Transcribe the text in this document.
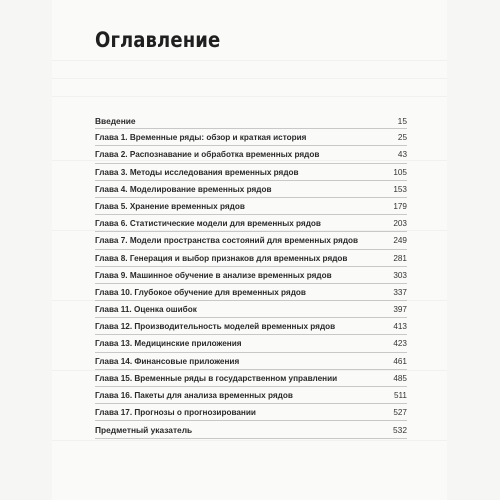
Оглавление
Введение	15
Глава 1. Временные ряды: обзор и краткая история	25
Глава 2. Распознавание и обработка временных рядов	43
Глава 3. Методы исследования временных рядов	105
Глава 4. Моделирование временных рядов	153
Глава 5. Хранение временных рядов	179
Глава 6. Статистические модели для временных рядов	203
Глава 7. Модели пространства состояний для временных рядов	249
Глава 8. Генерация и выбор признаков для временных рядов	281
Глава 9. Машинное обучение в анализе временных рядов	303
Глава 10. Глубокое обучение для временных рядов	337
Глава 11. Оценка ошибок	397
Глава 12. Производительность моделей временных рядов	413
Глава 13. Медицинские приложения	423
Глава 14. Финансовые приложения	461
Глава 15. Временные ряды в государственном управлении	485
Глава 16. Пакеты для анализа временных рядов	511
Глава 17. Прогнозы о прогнозировании	527
Предметный указатель	532
